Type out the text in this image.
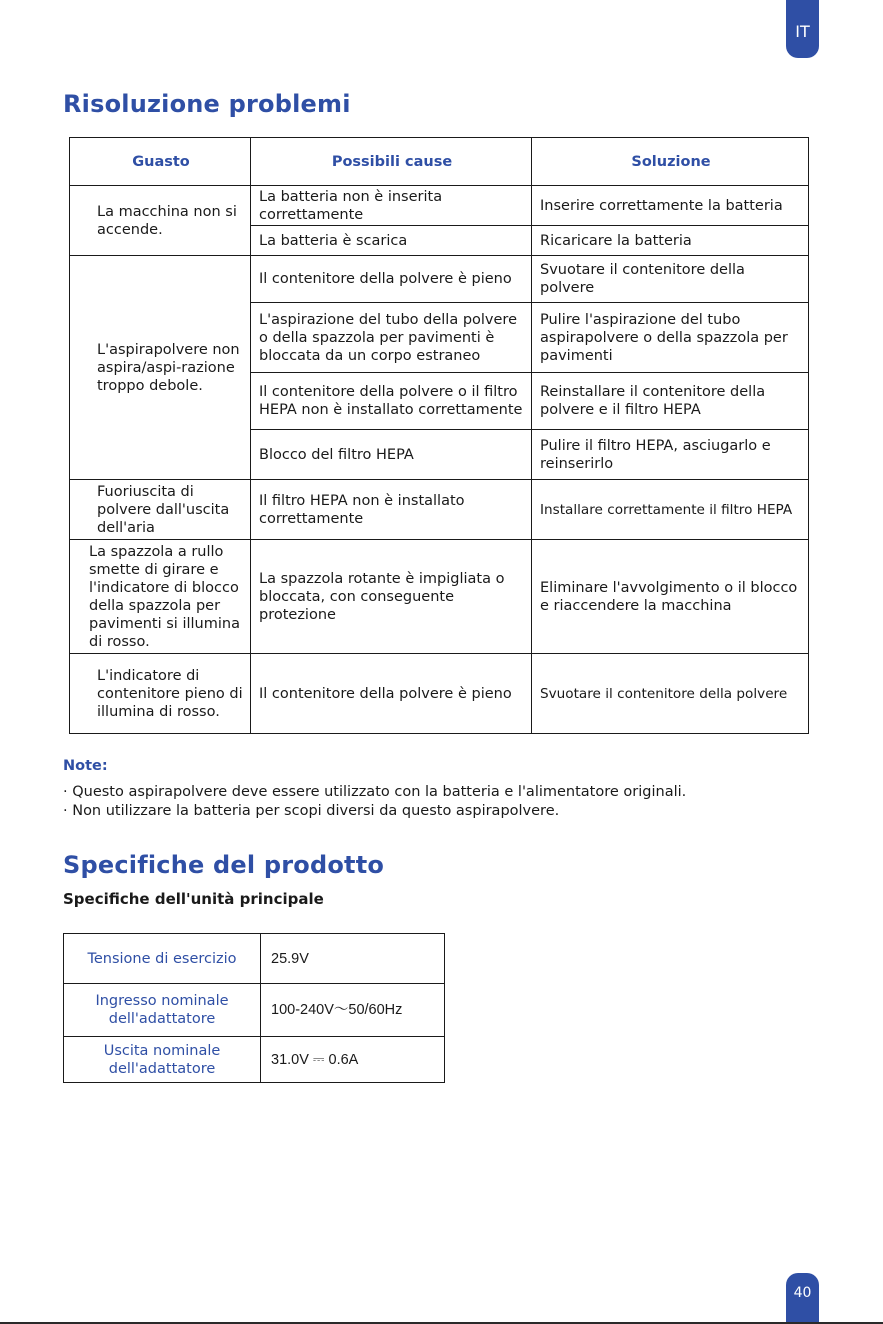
IT
Risoluzione problemi
Guasto	Possibili cause	Soluzione
La macchina non si accende.	La batteria non è inserita correttamente	Inserire correttamente la batteria
	La batteria è scarica	Ricaricare la batteria
L'aspirapolvere non aspira/aspi-razione troppo debole.	Il contenitore della polvere è pieno	Svuotare il contenitore della polvere
	L'aspirazione del tubo della polvere o della spazzola per pavimenti è bloccata da un corpo estraneo	Pulire l'aspirazione del tubo aspirapolvere o della spazzola per pavimenti
	Il contenitore della polvere o il filtro HEPA non è installato correttamente	Reinstallare il contenitore della polvere e il filtro HEPA
	Blocco del filtro HEPA	Pulire il filtro HEPA, asciugarlo e reinserirlo
Fuoriuscita di polvere dall'uscita dell'aria	Il filtro HEPA non è installato correttamente	Installare correttamente il filtro HEPA
La spazzola a rullo smette di girare e l'indicatore di blocco della spazzola per pavimenti si illumina di rosso.	La spazzola rotante è impigliata o bloccata, con conseguente protezione	Eliminare l'avvolgimento o il blocco e riaccendere la macchina
L'indicatore di contenitore pieno di illumina di rosso.	Il contenitore della polvere è pieno	Svuotare il contenitore della polvere
Note:
· Questo aspirapolvere deve essere utilizzato con la batteria e l'alimentatore originali.
· Non utilizzare la batteria per scopi diversi da questo aspirapolvere.
Specifiche del prodotto
Specifiche dell'unità principale
Tensione di esercizio	25.9V
Ingresso nominale dell'adattatore	100-240V～50/60Hz
Uscita nominale dell'adattatore	31.0V ⎓ 0.6A
40
